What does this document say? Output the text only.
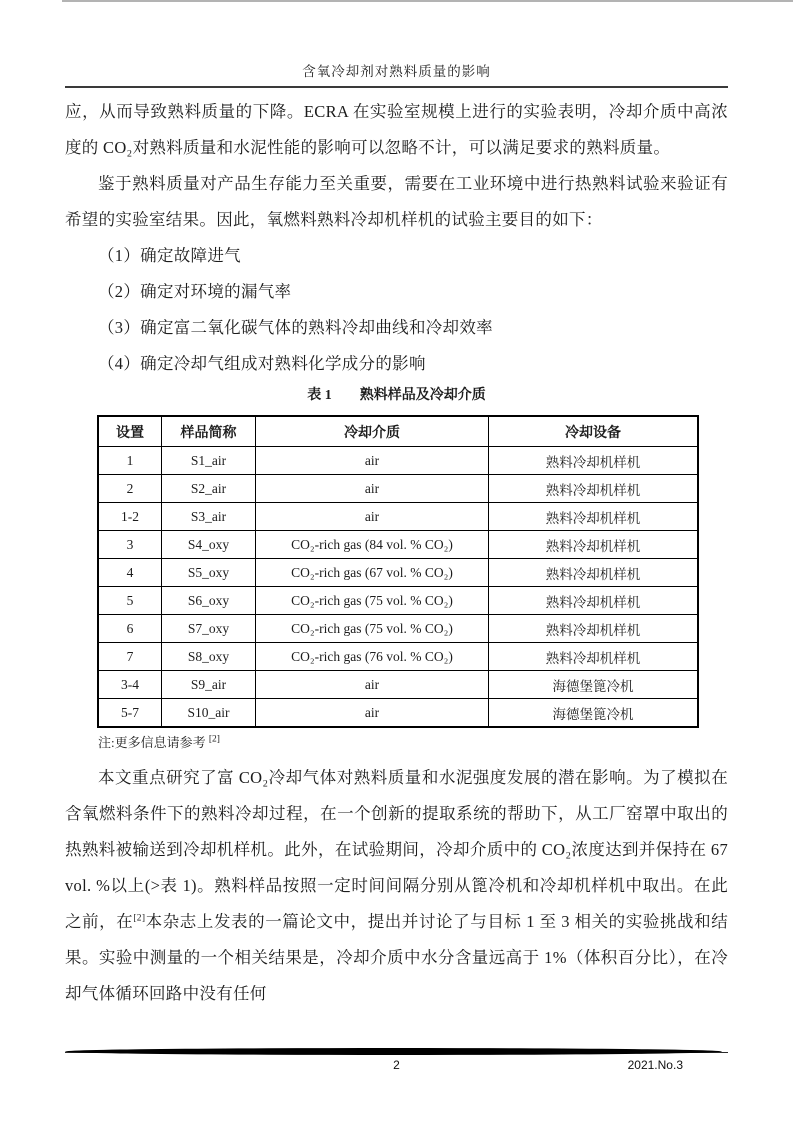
含氧冷却剂对熟料质量的影响

应，从而导致熟料质量的下降。ECRA 在实验室规模上进行的实验表明，冷却介质中高浓度的 CO₂对熟料质量和水泥性能的影响可以忽略不计，可以满足要求的熟料质量。

鉴于熟料质量对产品生存能力至关重要，需要在工业环境中进行热熟料试验来验证有希望的实验室结果。因此，氧燃料熟料冷却机样机的试验主要目的如下：

（1）确定故障进气

（2）确定对环境的漏气率

（3）确定富二氧化碳气体的熟料冷却曲线和冷却效率

（4）确定冷却气组成对熟料化学成分的影响

表 1 熟料样品及冷却介质
设置	样品简称	冷却介质	冷却设备
1	S1_air	air	熟料冷却机样机
2	S2_air	air	熟料冷却机样机
1-2	S3_air	air	熟料冷却机样机
3	S4_oxy	CO₂-rich gas (84 vol. % CO₂)	熟料冷却机样机
4	S5_oxy	CO₂-rich gas (67 vol. % CO₂)	熟料冷却机样机
5	S6_oxy	CO₂-rich gas (75 vol. % CO₂)	熟料冷却机样机
6	S7_oxy	CO₂-rich gas (75 vol. % CO₂)	熟料冷却机样机
7	S8_oxy	CO₂-rich gas (76 vol. % CO₂)	熟料冷却机样机
3-4	S9_air	air	海德堡篦冷机
5-7	S10_air	air	海德堡篦冷机

注:更多信息请参考 [2]

本文重点研究了富 CO₂冷却气体对熟料质量和水泥强度发展的潜在影响。为了模拟在含氧燃料条件下的熟料冷却过程，在一个创新的提取系统的帮助下，从工厂窑罩中取出的热熟料被输送到冷却机样机。此外，在试验期间，冷却介质中的 CO₂浓度达到并保持在 67 vol. %以上(>表 1)。熟料样品按照一定时间间隔分别从篦冷机和冷却机样机中取出。在此之前，在[2]本杂志上发表的一篇论文中，提出并讨论了与目标 1 至 3 相关的实验挑战和结果。实验中测量的一个相关结果是，冷却介质中水分含量远高于 1%（体积百分比），在冷却气体循环回路中没有任何

2	2021.No.3
